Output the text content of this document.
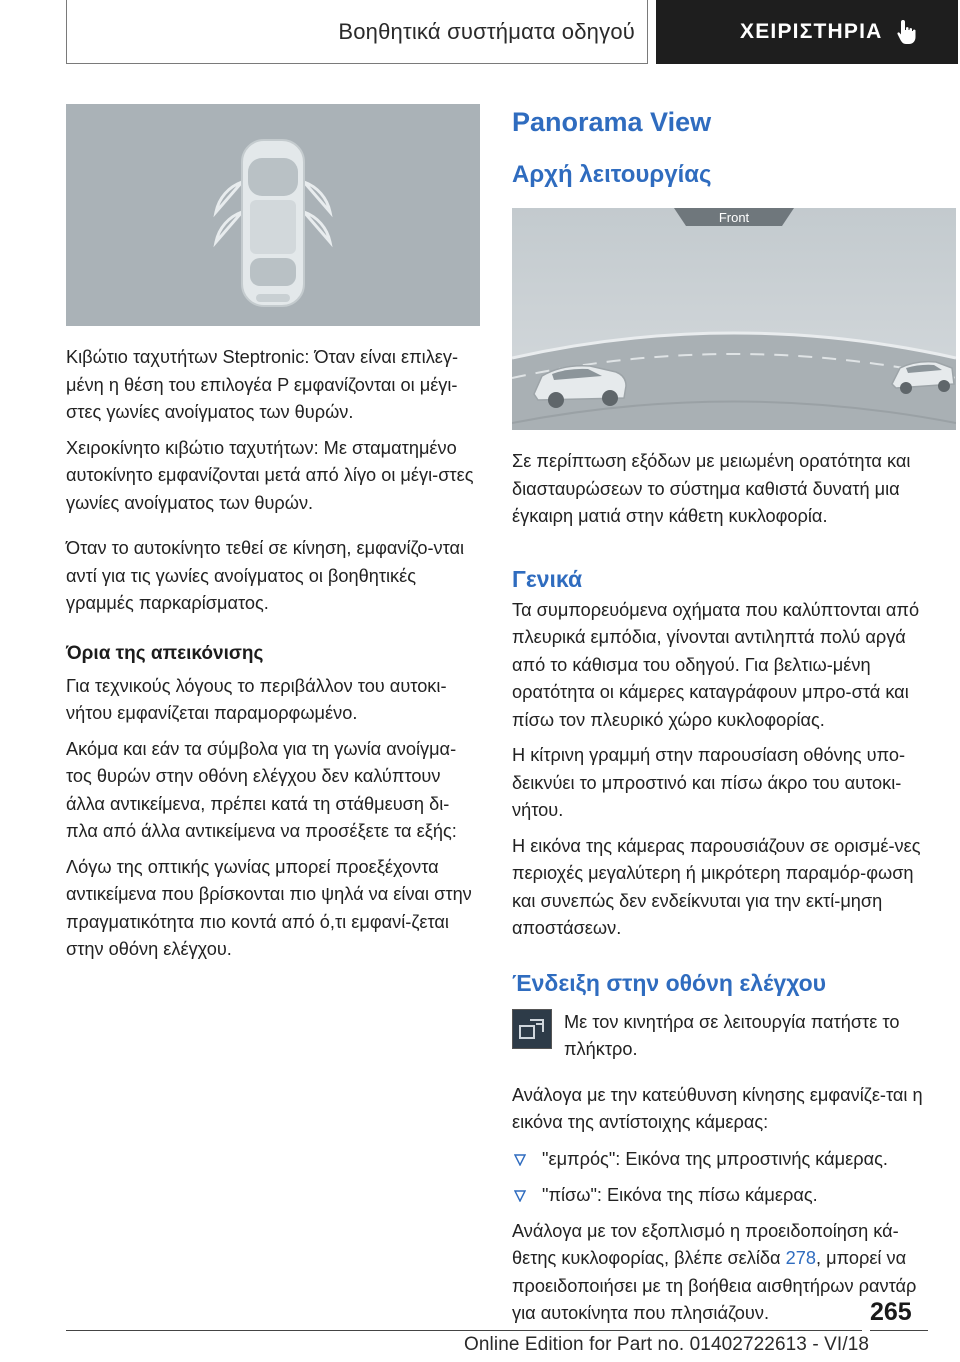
Βοηθητικά συστήματα οδηγού	ΧΕΙΡΙΣΤΗΡΙΑ

Κιβώτιο ταχυτήτων Steptronic: Όταν είναι επιλεγ‐μένη η θέση του επιλογέα P εμφανίζονται οι μέγι‐στες γωνίες ανοίγματος των θυρών.

Χειροκίνητο κιβώτιο ταχυτήτων: Με σταματημένο αυτοκίνητο εμφανίζονται μετά από λίγο οι μέγι‐στες γωνίες ανοίγματος των θυρών.

Όταν το αυτοκίνητο τεθεί σε κίνηση, εμφανίζο‐νται αντί για τις γωνίες ανοίγματος οι βοηθητικές γραμμές παρκαρίσματος.

Όρια της απεικόνισης

Για τεχνικούς λόγους το περιβάλλον του αυτοκι‐νήτου εμφανίζεται παραμορφωμένο.

Ακόμα και εάν τα σύμβολα για τη γωνία ανοίγμα‐τος θυρών στην οθόνη ελέγχου δεν καλύπτουν άλλα αντικείμενα, πρέπει κατά τη στάθμευση δι‐πλα από άλλα αντικείμενα να προσέξετε τα εξής:

Λόγω της οπτικής γωνίας μπορεί προεξέχοντα αντικείμενα που βρίσκονται πιο ψηλά να είναι στην πραγματικότητα πιο κοντά από ό,τι εμφανί‐ζεται στην οθόνη ελέγχου.

Panorama View
Αρχή λειτουργίας
Front

Σε περίπτωση εξόδων με μειωμένη ορατότητα και διασταυρώσεων το σύστημα καθιστά δυνατή μια έγκαιρη ματιά στην κάθετη κυκλοφορία.

Γενικά

Τα συμπορευόμενα οχήματα που καλύπτονται από πλευρικά εμπόδια, γίνονται αντιληπτά πολύ αργά από το κάθισμα του οδηγού. Για βελτιω‐μένη ορατότητα οι κάμερες καταγράφουν μπρο‐στά και πίσω τον πλευρικό χώρο κυκλοφορίας.

Η κίτρινη γραμμή στην παρουσίαση οθόνης υπο‐δεικνύει το μπροστινό και πίσω άκρο του αυτοκι‐νήτου.

Η εικόνα της κάμερας παρουσιάζουν σε ορισμέ‐νες περιοχές μεγαλύτερη ή μικρότερη παραμόρ‐φωση και συνεπώς δεν ενδείκνυται για την εκτί‐μηση αποστάσεων.

Ένδειξη στην οθόνη ελέγχου

Με τον κινητήρα σε λειτουργία πατήστε το πλήκτρο.

Ανάλογα με την κατεύθυνση κίνησης εμφανίζε‐ται η εικόνα της αντίστοιχης κάμερας:

"εμπρός": Εικόνα της μπροστινής κάμερας.

"πίσω": Εικόνα της πίσω κάμερας.

Ανάλογα με τον εξοπλισμό η προειδοποίηση κά‐θετης κυκλοφορίας, βλέπε σελίδα 278, μπορεί να προειδοποιήσει με τη βοήθεια αισθητήρων ραντάρ για αυτοκίνητα που πλησιάζουν.	265
Online Edition for Part no. 01402722613 - VI/18
